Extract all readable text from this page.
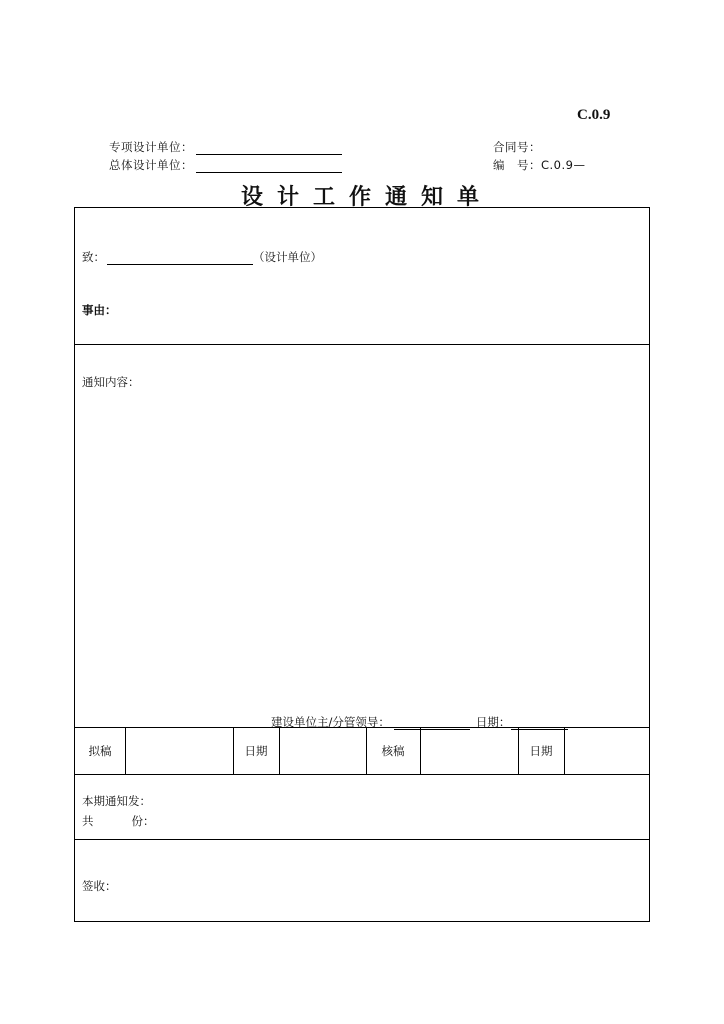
C.0.9
专项设计单位：
总体设计单位：
合同号：
编　号：C.0.9—
设计工作通知单
致：	（设计单位）
事由：
通知内容：
建设单位主/分管领导：	日期：
拟稿	日期	核稿	日期
本期通知发：
共	份：
签收：
